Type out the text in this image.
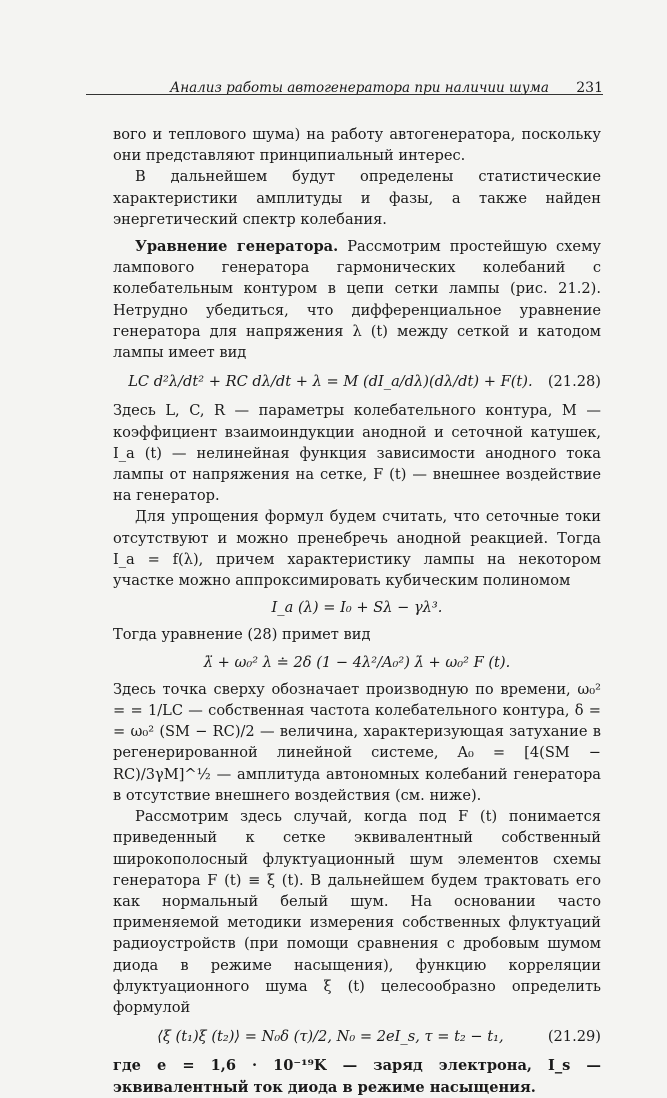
Анализ работы автогенератора при наличии шума 231

вого и теплового шума) на работу автогенератора, поскольку они представляют принципиальный интерес.

В дальнейшем будут определены статистические характеристики амплитуды и фазы, а также найден энергетический спектр колебания.

Уравнение генератора. Рассмотрим простейшую схему лампового генератора гармонических колебаний с колебательным контуром в цепи сетки лампы (рис. 21.2). Нетрудно убедиться, что дифференциальное уравнение генератора для напряжения λ (t) между сеткой и катодом лампы имеет вид

LC d²λ/dt² + RC dλ/dt + λ = M (dI_a/dλ)(dλ/dt) + F(t).	(21.28)

Здесь L, C, R — параметры колебательного контура, M — коэффициент взаимоиндукции анодной и сеточной катушек, I_a (t) — нелинейная функция зависимости анодного тока лампы от напряжения на сетке, F (t) — внешнее воздействие на генератор.

Для упрощения формул будем считать, что сеточные токи отсутствуют и можно пренебречь анодной реакцией. Тогда I_a = f(λ), причем характеристику лампы на некотором участке можно аппроксимировать кубическим полиномом

I_a (λ) = I₀ + Sλ − γλ³.

Тогда уравнение (28) примет вид

λ̈ + ω₀² λ ≐ 2δ (1 − 4λ²/A₀²) λ̇ + ω₀² F (t).

Здесь точка сверху обозначает производную по времени, ω₀² = = 1/LC — собственная частота колебательного контура, δ = = ω₀² (SM − RC)/2 — величина, характеризующая затухание в регенерированной линейной системе, A₀ = [4(SM − RC)/3γM]^½ — амплитуда автономных колебаний генератора в отсутствие внешнего воздействия (см. ниже).

Рассмотрим здесь случай, когда под F (t) понимается приведенный к сетке эквивалентный собственный широкополосный флуктуационный шум элементов схемы генератора F (t) ≡ ξ (t). В дальнейшем будем трактовать его как нормальный белый шум. На основании часто применяемой методики измерения собственных флуктуаций радиоустройств (при помощи сравнения с дробовым шумом диода в режиме насыщения), функцию корреляции флуктуационного шума ξ (t) целесообразно определить формулой

⟨ξ (t₁)ξ (t₂)⟩ = N₀δ (τ)/2, N₀ = 2eI_s, τ = t₂ − t₁,	(21.29)

где e = 1,6 · 10⁻¹⁹K — заряд электрона, I_s — эквивалентный ток диода в режиме насыщения.
